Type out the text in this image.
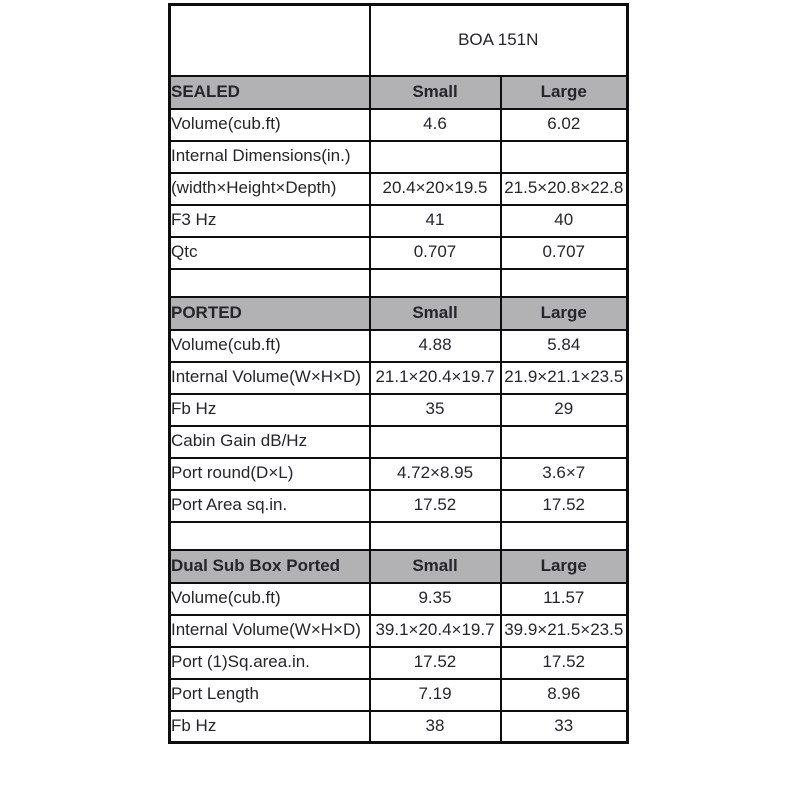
	BOA 151N	
SEALED	Small	Large
Volume(cub.ft)	4.6	6.02
Internal Dimensions(in.)		
(width×Height×Depth)	20.4×20×19.5	21.5×20.8×22.8
F3 Hz	41	40
Qtc	0.707	0.707

PORTED	Small	Large
Volume(cub.ft)	4.88	5.84
Internal Volume(W×H×D)	21.1×20.4×19.7	21.9×21.1×23.5
Fb Hz	35	29
Cabin Gain dB/Hz		
Port round(D×L)	4.72×8.95	3.6×7
Port Area sq.in.	17.52	17.52

Dual Sub Box Ported	Small	Large
Volume(cub.ft)	9.35	11.57
Internal Volume(W×H×D)	39.1×20.4×19.7	39.9×21.5×23.5
Port (1)Sq.area.in.	17.52	17.52
Port Length	7.19	8.96
Fb Hz	38	33
